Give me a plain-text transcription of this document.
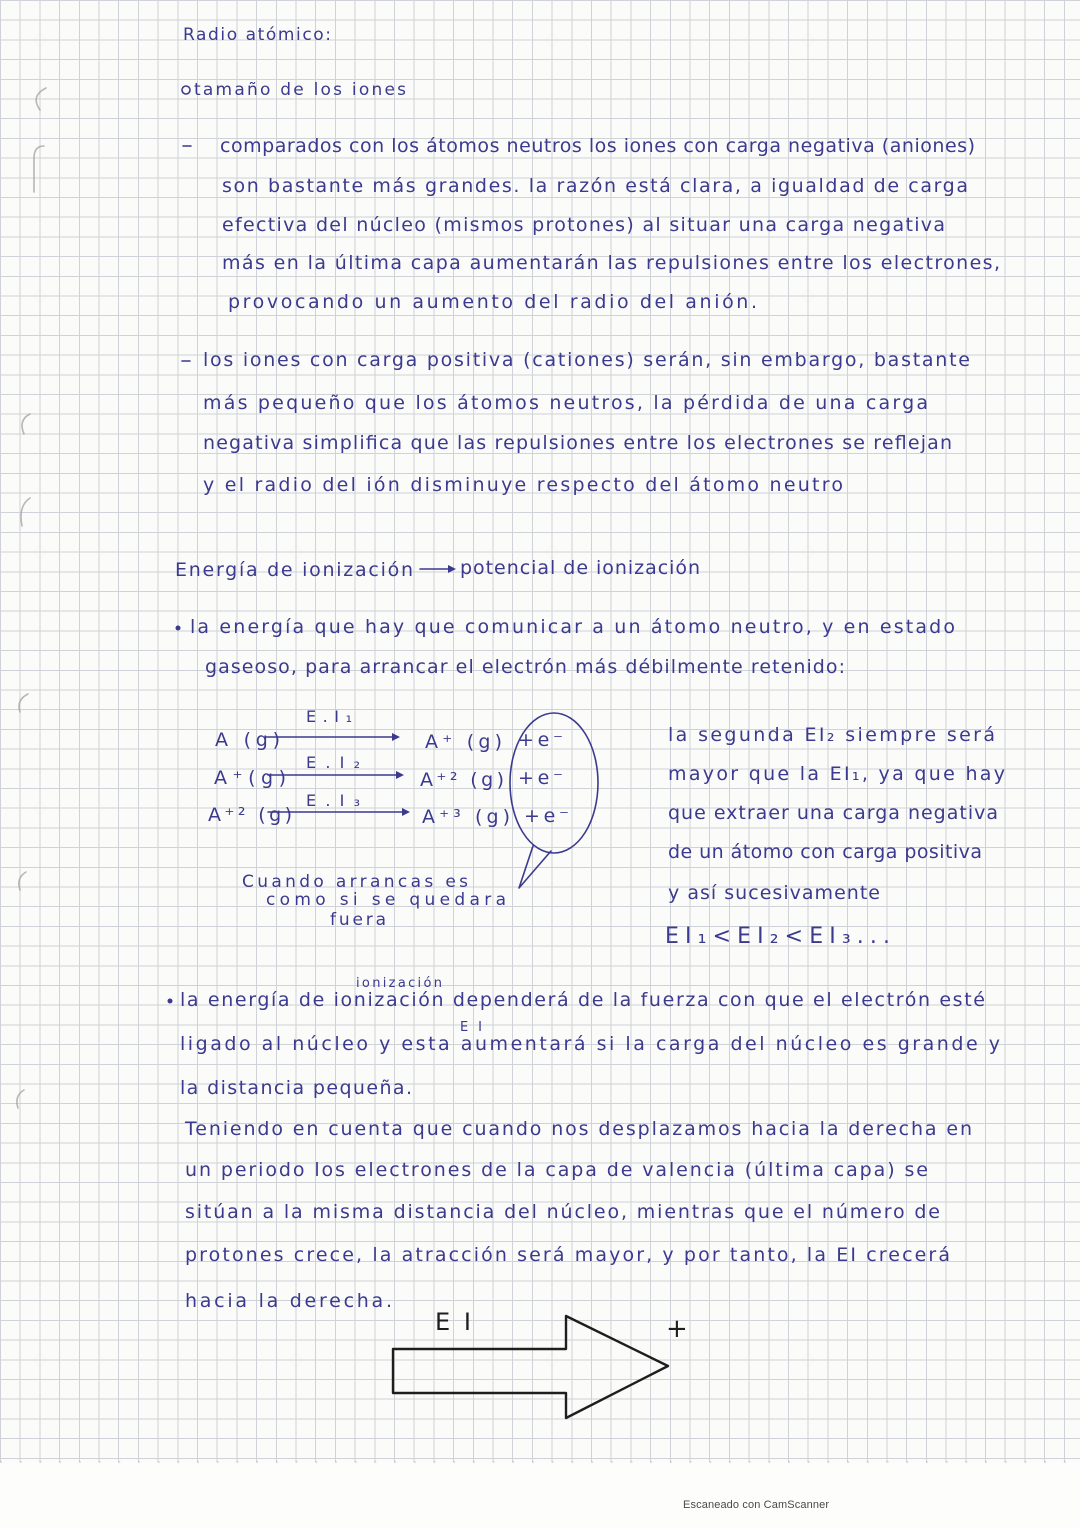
Radio atómico:
tamaño de los iones
comparados con los átomos neutros los iones con carga negativa (aniones)
son bastante más grandes. la razón está clara, a igualdad de carga
efectiva del núcleo (mismos protones) al situar una carga negativa
más en la última capa aumentarán las repulsiones entre los electrones,
provocando un aumento del radio del anión.
los iones con carga positiva (cationes) serán, sin embargo, bastante
más pequeño que los átomos neutros, la pérdida de una carga
negativa simplifica que las repulsiones entre los electrones se reflejan
y el radio del ión disminuye respecto del átomo neutro
Energía de ionización potencial de ionización
la energía que hay que comunicar a un átomo neutro, y en estado
gaseoso, para arrancar el electrón más débilmente retenido:
A (g)
E.I₁
A⁺ (g) +e⁻
A⁺(g)
E.I₂
A⁺² (g) +e⁻
A⁺² (g)
E.I₃
A⁺³ (g) +e⁻
Cuando arrancas es
como si se quedara
fuera
la segunda EI₂ siempre será
mayor que la EI₁, ya que hay
que extraer una carga negativa
de un átomo con carga positiva
y así sucesivamente
EI₁<EI₂<EI₃...
ionización
EI
la energía de ionización dependerá de la fuerza con que el electrón esté
ligado al núcleo y esta aumentará si la carga del núcleo es grande y
la distancia pequeña.
Teniendo en cuenta que cuando nos desplazamos hacia la derecha en
un periodo los electrones de la capa de valencia (última capa) se
sitúan a la misma distancia del núcleo, mientras que el número de
protones crece, la atracción será mayor, y por tanto, la EI crecerá
hacia la derecha.
EI	+
Escaneado con CamScanner
